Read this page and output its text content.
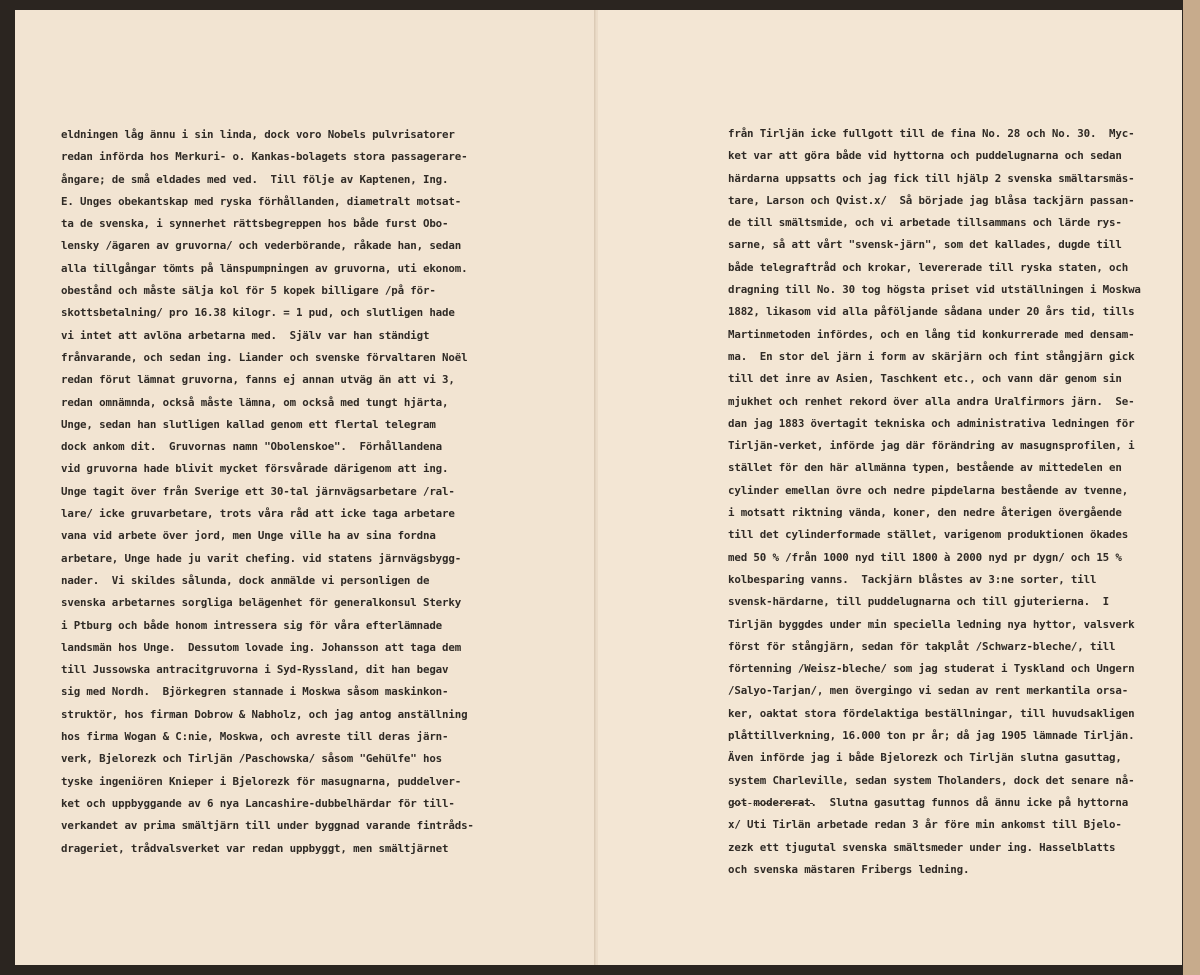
eldningen låg ännu i sin linda, dock voro Nobels pulvrisatorer
redan införda hos Merkuri- o. Kankas-bolagets stora passagerare-
ångare; de små eldades med ved.  Till följe av Kaptenen, Ing.
E. Unges obekantskap med ryska förhållanden, diametralt motsat-
ta de svenska, i synnerhet rättsbegreppen hos både furst Obo-
lensky /ägaren av gruvorna/ och vederbörande, råkade han, sedan
alla tillgångar tömts på länspumpningen av gruvorna, uti ekonom.
obestånd och måste sälja kol för 5 kopek billigare /på för-
skottsbetalning/ pro 16.38 kilogr. = 1 pud, och slutligen hade
vi intet att avlöna arbetarna med.  Själv var han ständigt
frånvarande, och sedan ing. Liander och svenske förvaltaren Noël
redan förut lämnat gruvorna, fanns ej annan utväg än att vi 3,
redan omnämnda, också måste lämna, om också med tungt hjärta,
Unge, sedan han slutligen kallad genom ett flertal telegram
dock ankom dit.  Gruvornas namn "Obolenskoe".  Förhållandena
vid gruvorna hade blivit mycket försvårade därigenom att ing.
Unge tagit över från Sverige ett 30-tal järnvägsarbetare /ral-
lare/ icke gruvarbetare, trots våra råd att icke taga arbetare
vana vid arbete över jord, men Unge ville ha av sina fordna
arbetare, Unge hade ju varit chefing. vid statens järnvägsbygg-
nader.  Vi skildes sålunda, dock anmälde vi personligen de
svenska arbetarnes sorgliga belägenhet för generalkonsul Sterky
i Ptburg och både honom intressera sig för våra efterlämnade
landsmän hos Unge.  Dessutom lovade ing. Johansson att taga dem
till Jussowska antracitgruvorna i Syd-Ryssland, dit han begav
sig med Nordh.  Björkegren stannade i Moskwa såsom maskinkon-
struktör, hos firman Dobrow & Nabholz, och jag antog anställning
hos firma Wogan & C:nie, Moskwa, och avreste till deras järn-
verk, Bjelorezk och Tirljän /Paschowska/ såsom "Gehülfe" hos
tyske ingeniören Knieper i Bjelorezk för masugnarna, puddelver-
ket och uppbyggande av 6 nya Lancashire-dubbelhärdar för till-
verkandet av prima smältjärn till under byggnad varande fintråds-
drageriet, trådvalsverket var redan uppbyggt, men smältjärnet
från Tirljän icke fullgott till de fina No. 28 och No. 30.  Myc-
ket var att göra både vid hyttorna och puddelugnarna och sedan
härdarna uppsatts och jag fick till hjälp 2 svenska smältarsmäs-
tare, Larson och Qvist.x/  Så började jag blåsa tackjärn passan-
de till smältsmide, och vi arbetade tillsammans och lärde rys-
sarne, så att vårt "svensk-järn", som det kallades, dugde till
både telegraftråd och krokar, levererade till ryska staten, och
dragning till No. 30 tog högsta priset vid utställningen i Moskwa
1882, likasom vid alla påföljande sådana under 20 års tid, tills
Martinmetoden infördes, och en lång tid konkurrerade med densam-
ma.  En stor del järn i form av skärjärn och fint stångjärn gick
till det inre av Asien, Taschkent etc., och vann där genom sin
mjukhet och renhet rekord över alla andra Uralfirmors järn.  Se-
dan jag 1883 övertagit tekniska och administrativa ledningen för
Tirljän-verket, införde jag där förändring av masugnsprofilen, i
stället för den här allmänna typen, bestående av mittedelen en
cylinder emellan övre och nedre pipdelarna bestående av tvenne,
i motsatt riktning vända, koner, den nedre återigen övergående
till det cylinderformade stället, varigenom produktionen ökades
med 50 % /från 1000 nyd till 1800 à 2000 nyd pr dygn/ och 15 %
kolbesparing vanns.  Tackjärn blåstes av 3:ne sorter, till
svensk-härdarne, till puddelugnarna och till gjuterierna.  I
Tirljän byggdes under min speciella ledning nya hyttor, valsverk
först för stångjärn, sedan för takplåt /Schwarz-bleche/, till
förtenning /Weisz-bleche/ som jag studerat i Tyskland och Ungern
/Salyo-Tarjan/, men övergingo vi sedan av rent merkantila orsa-
ker, oaktat stora fördelaktiga beställningar, till huvudsakligen
plåttillverkning, 16.000 ton pr år; då jag 1905 lämnade Tirljän.
Även införde jag i både Bjelorezk och Tirljän slutna gasuttag,
system Charleville, sedan system Tholanders, dock det senare nå-
got modererat.  Slutna gasuttag funnos då ännu icke på hyttorna
x/ Uti Tirlän arbetade redan 3 år före min ankomst till Bjelo-
zezk ett tjugutal svenska smältsmeder under ing. Hasselblatts
och svenska mästaren Fribergs ledning.
